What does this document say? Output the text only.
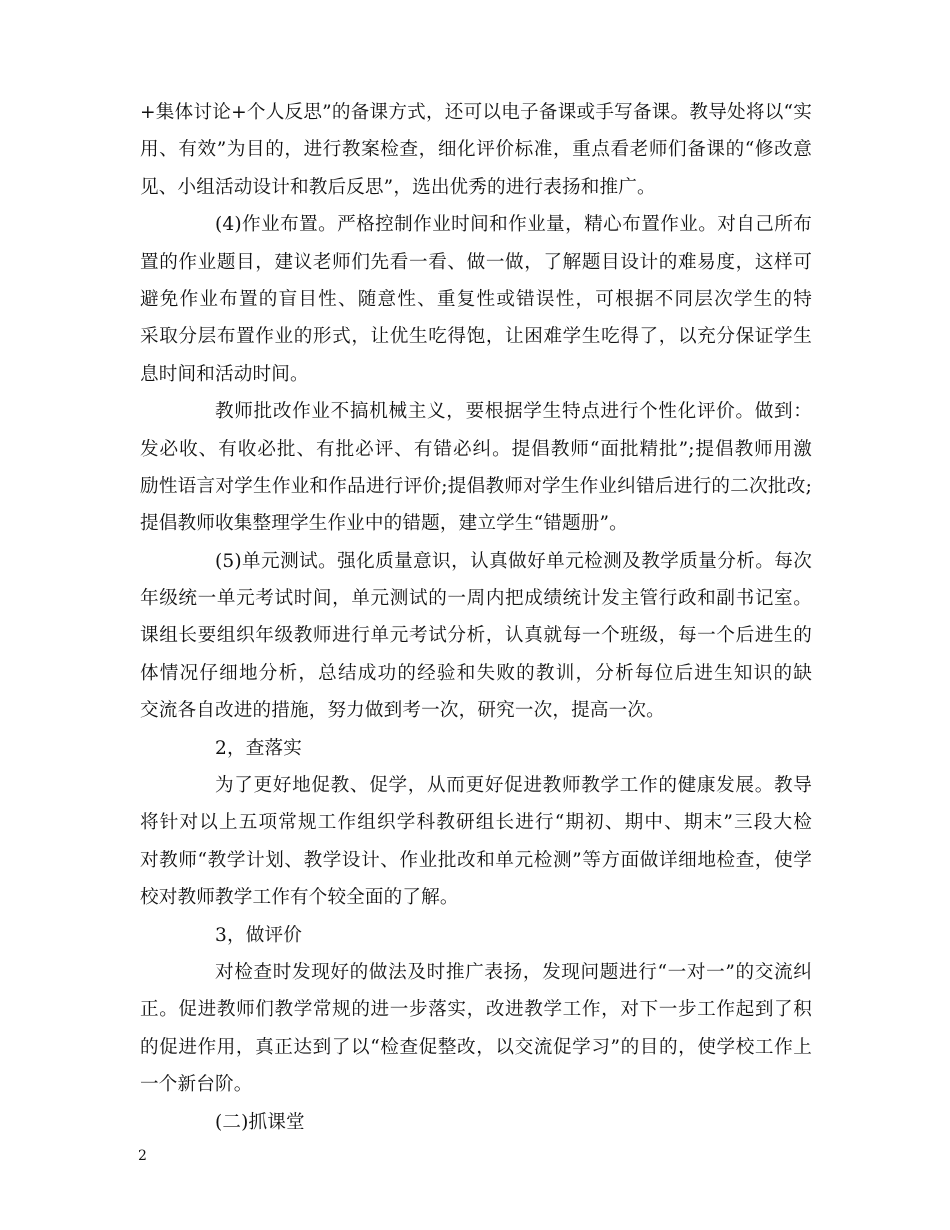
+集体讨论+个人反思”的备课方式，还可以电子备课或手写备课。教导处将以“实
用、有效”为目的，进行教案检查，细化评价标准，重点看老师们备课的“修改意
见、小组活动设计和教后反思”，选出优秀的进行表扬和推广。
(4)作业布置。严格控制作业时间和作业量，精心布置作业。对自己所布
置的作业题目，建议老师们先看一看、做一做，了解题目设计的难易度，这样可
避免作业布置的盲目性、随意性、重复性或错误性，可根据不同层次学生的特
采取分层布置作业的形式，让优生吃得饱，让困难学生吃得了，以充分保证学生
息时间和活动时间。
教师批改作业不搞机械主义，要根据学生特点进行个性化评价。做到：
发必收、有收必批、有批必评、有错必纠。提倡教师“面批精批”;提倡教师用激
励性语言对学生作业和作品进行评价;提倡教师对学生作业纠错后进行的二次批改;
提倡教师收集整理学生作业中的错题，建立学生“错题册”。
(5)单元测试。强化质量意识，认真做好单元检测及教学质量分析。每次
年级统一单元考试时间，单元测试的一周内把成绩统计发主管行政和副书记室。
课组长要组织年级教师进行单元考试分析，认真就每一个班级，每一个后进生的
体情况仔细地分析，总结成功的经验和失败的教训，分析每位后进生知识的缺
交流各自改进的措施，努力做到考一次，研究一次，提高一次。
2，查落实
为了更好地促教、促学，从而更好促进教师教学工作的健康发展。教导
将针对以上五项常规工作组织学科教研组长进行“期初、期中、期末”三段大检
对教师“教学计划、教学设计、作业批改和单元检测”等方面做详细地检查，使学
校对教师教学工作有个较全面的了解。
3，做评价
对检查时发现好的做法及时推广表扬，发现问题进行“一对一”的交流纠
正。促进教师们教学常规的进一步落实，改进教学工作，对下一步工作起到了积
的促进作用，真正达到了以“检查促整改，以交流促学习”的目的，使学校工作上
一个新台阶。
(二)抓课堂
2
